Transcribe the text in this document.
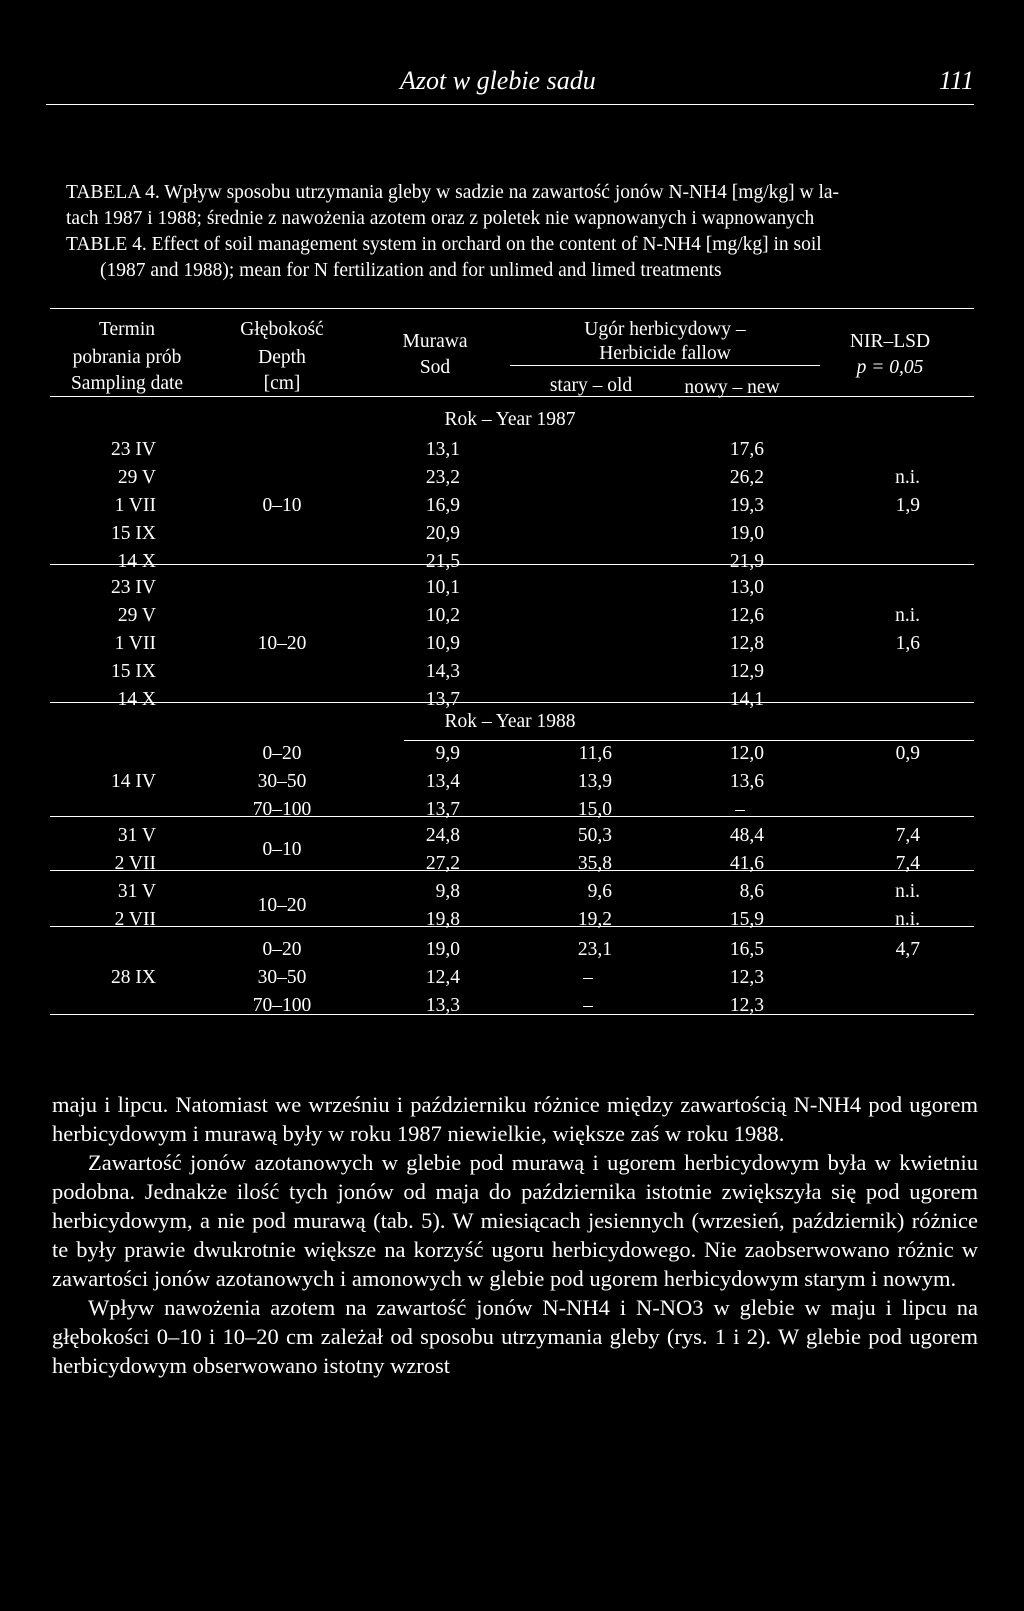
Azot w glebie sadu	111
TABELA 4. Wpływ sposobu utrzymania gleby w sadzie na zawartość jonów N-NH4 [mg/kg] w la-
tach 1987 i 1988; średnie z nawożenia azotem oraz z poletek nie wapnowanych i wapnowanych
TABLE 4. Effect of soil management system in orchard on the content of N-NH4 [mg/kg] in soil
(1987 and 1988); mean for N fertilization and for unlimed and limed treatments
Termin
pobrania prób
Sampling date
Głębokość
Depth
[cm]
Murawa
Sod
Ugór herbicydowy –
Herbicide fallow
stary – old	nowy – new
NIR–LSD
p = 0,05
Rok – Year 1987
23 IV
29 V
1 VII
15 IX
14 X
0–10
13,1
23,2
16,9
20,9
21,5
17,6
26,2
19,3
19,0
21,9
n.i.
1,9
23 IV
29 V
1 VII
15 IX
14 X
10–20
10,1
10,2
10,9
14,3
13,7
13,0
12,6
12,8
12,9
14,1
n.i.
1,6
Rok – Year 1988
14 IV
0–20
30–50
70–100
9,9
13,4
13,7
11,6
13,9
15,0
12,0
13,6
–
0,9
31 V
2 VII
0–10
24,8
27,2
50,3
35,8
48,4
41,6
7,4
7,4
31 V
2 VII
10–20
9,8
19,8
9,6
19,2
8,6
15,9
n.i.
n.i.
28 IX
0–20
30–50
70–100
19,0
12,4
13,3
23,1
–
–
16,5
12,3
12,3
4,7

maju i lipcu. Natomiast we wrześniu i październiku różnice między zawartością N-NH4 pod ugorem herbicydowym i murawą były w roku 1987 niewielkie, większe zaś w roku 1988.

Zawartość jonów azotanowych w glebie pod murawą i ugorem herbicydowym była w kwietniu podobna. Jednakże ilość tych jonów od maja do października istotnie zwiększyła się pod ugorem herbicydowym, a nie pod murawą (tab. 5). W miesiącach jesiennych (wrzesień, październik) różnice te były prawie dwukrotnie większe na korzyść ugoru herbicydowego. Nie zaobserwowano różnic w zawartości jonów azotanowych i amonowych w glebie pod ugorem herbicydowym starym i nowym.

Wpływ nawożenia azotem na zawartość jonów N-NH4 i N-NO3 w glebie w maju i lipcu na głębokości 0–10 i 10–20 cm zależał od sposobu utrzymania gleby (rys. 1 i 2). W glebie pod ugorem herbicydowym obserwowano istotny wzrost
